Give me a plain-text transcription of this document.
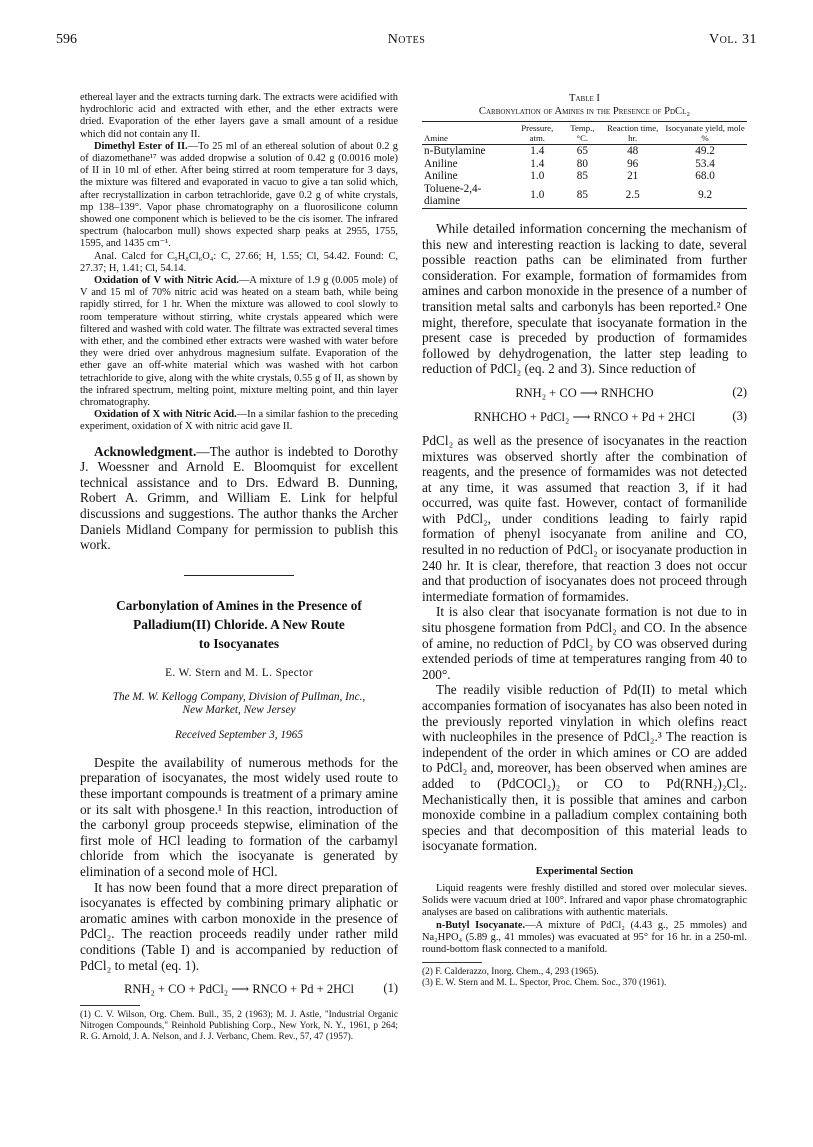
596	Notes	Vol. 31

ethereal layer and the extracts turning dark. The extracts were acidified with hydrochloric acid and extracted with ether, and the ether extracts were dried. Evaporation of the ether layers gave a small amount of a residue which did not contain any II.

Dimethyl Ester of II.—To 25 ml of an ethereal solution of about 0.2 g of diazomethane¹⁷ was added dropwise a solution of 0.42 g (0.0016 mole) of II in 10 ml of ether. After being stirred at room temperature for 3 days, the mixture was filtered and evaporated in vacuo to give a tan solid which, after recrystallization in carbon tetrachloride, gave 0.2 g of white crystals, mp 138–139°. Vapor phase chromatography on a fluorosilicone column showed one component which is believed to be the cis isomer. The infrared spectrum (halocarbon mull) shows expected sharp peaks at 2955, 1755, 1595, and 1435 cm⁻¹.

Anal. Calcd for C₉H₈Cl₆O₄: C, 27.66; H, 1.55; Cl, 54.42. Found: C, 27.37; H, 1.41; Cl, 54.14.

Oxidation of V with Nitric Acid.—A mixture of 1.9 g (0.005 mole) of V and 15 ml of 70% nitric acid was heated on a steam bath, while being rapidly stirred, for 1 hr. When the mixture was allowed to cool slowly to room temperature without stirring, white crystals appeared which were filtered and washed with cold water. The filtrate was extracted several times with ether, and the combined ether extracts were washed with water before they were dried over anhydrous magnesium sulfate. Evaporation of the ether gave an off-white material which was washed with hot carbon tetrachloride to give, along with the white crystals, 0.55 g of II, as shown by the infrared spectrum, melting point, mixture melting point, and thin layer chromatography.

Oxidation of X with Nitric Acid.—In a similar fashion to the preceding experiment, oxidation of X with nitric acid gave II.

Acknowledgment.—The author is indebted to Dorothy J. Woessner and Arnold E. Bloomquist for excellent technical assistance and to Drs. Edward B. Dunning, Robert A. Grimm, and William E. Link for helpful discussions and suggestions. The author thanks the Archer Daniels Midland Company for permission to publish this work.

Carbonylation of Amines in the Presence of
Palladium(II) Chloride. A New Route
to Isocyanates
E. W. Stern and M. L. Spector
The M. W. Kellogg Company, Division of Pullman, Inc.,
New Market, New Jersey
Received September 3, 1965

Despite the availability of numerous methods for the preparation of isocyanates, the most widely used route to these important compounds is treatment of a primary amine or its salt with phosgene.¹ In this reaction, introduction of the carbonyl group proceeds stepwise, elimination of the first mole of HCl leading to formation of the carbamyl chloride from which the isocyanate is generated by elimination of a second mole of HCl.

It has now been found that a more direct preparation of isocyanates is effected by combining primary aliphatic or aromatic amines with carbon monoxide in the presence of PdCl₂. The reaction proceeds readily under rather mild conditions (Table I) and is accompanied by reduction of PdCl₂ to metal (eq. 1).

RNH₂ + CO + PdCl₂ ⟶ RNCO + Pd + 2HCl (1)

(1) C. V. Wilson, Org. Chem. Bull., 35, 2 (1963); M. J. Astle, "Industrial Organic Nitrogen Compounds," Reinhold Publishing Corp., New York, N. Y., 1961, p 264; R. G. Arnold, J. A. Nelson, and J. J. Verbanc, Chem. Rev., 57, 47 (1957).

Table I
Carbonylation of Amines in the Presence of PdCl₂
Amine	Pressure, atm.	Temp., °C.	Reaction time, hr.	Isocyanate yield, mole %
n-Butylamine	1.4	65	48	49.2
Aniline	1.4	80	96	53.4
Aniline	1.0	85	21	68.0
Toluene-2,4-diamine	1.0	85	2.5	9.2

While detailed information concerning the mechanism of this new and interesting reaction is lacking to date, several possible reaction paths can be eliminated from further consideration. For example, formation of formamides from amines and carbon monoxide in the presence of a number of transition metal salts and carbonyls has been reported.² One might, therefore, speculate that isocyanate formation in the present case is preceded by production of formamides followed by dehydrogenation, the latter step leading to reduction of PdCl₂ (eq. 2 and 3). Since reduction of

RNH₂ + CO ⟶ RNHCHO	(2)
RNHCHO + PdCl₂ ⟶ RNCO + Pd + 2HCl	(3)

PdCl₂ as well as the presence of isocyanates in the reaction mixtures was observed shortly after the combination of reagents, and the presence of formamides was not detected at any time, it was assumed that reaction 3, if it had occurred, was quite fast. However, contact of formanilide with PdCl₂, under conditions leading to fairly rapid formation of phenyl isocyanate from aniline and CO, resulted in no reduction of PdCl₂ or isocyanate production in 240 hr. It is clear, therefore, that reaction 3 does not occur and that production of isocyanates does not proceed through intermediate formation of formamides.

It is also clear that isocyanate formation is not due to in situ phosgene formation from PdCl₂ and CO. In the absence of amine, no reduction of PdCl₂ by CO was observed during extended periods of time at temperatures ranging from 40 to 200°.

The readily visible reduction of Pd(II) to metal which accompanies formation of isocyanates has also been noted in the previously reported vinylation in which olefins react with nucleophiles in the presence of PdCl₂.³ The reaction is independent of the order in which amines or CO are added to PdCl₂ and, moreover, has been observed when amines are added to (PdCOCl₂)₂ or CO to Pd(RNH₂)₂Cl₂. Mechanistically then, it is possible that amines and carbon monoxide combine in a palladium complex containing both species and that decomposition of this material leads to isocyanate formation.

Experimental Section

Liquid reagents were freshly distilled and stored over molecular sieves. Solids were vacuum dried at 100°. Infrared and vapor phase chromatographic analyses are based on calibrations with authentic materials.

n-Butyl Isocyanate.—A mixture of PdCl₂ (4.43 g., 25 mmoles) and Na₂HPO₄ (5.89 g., 41 mmoles) was evacuated at 95° for 16 hr. in a 250-ml. round-bottom flask connected to a manifold.

(2) F. Calderazzo, Inorg. Chem., 4, 293 (1965).

(3) E. W. Stern and M. L. Spector, Proc. Chem. Soc., 370 (1961).
